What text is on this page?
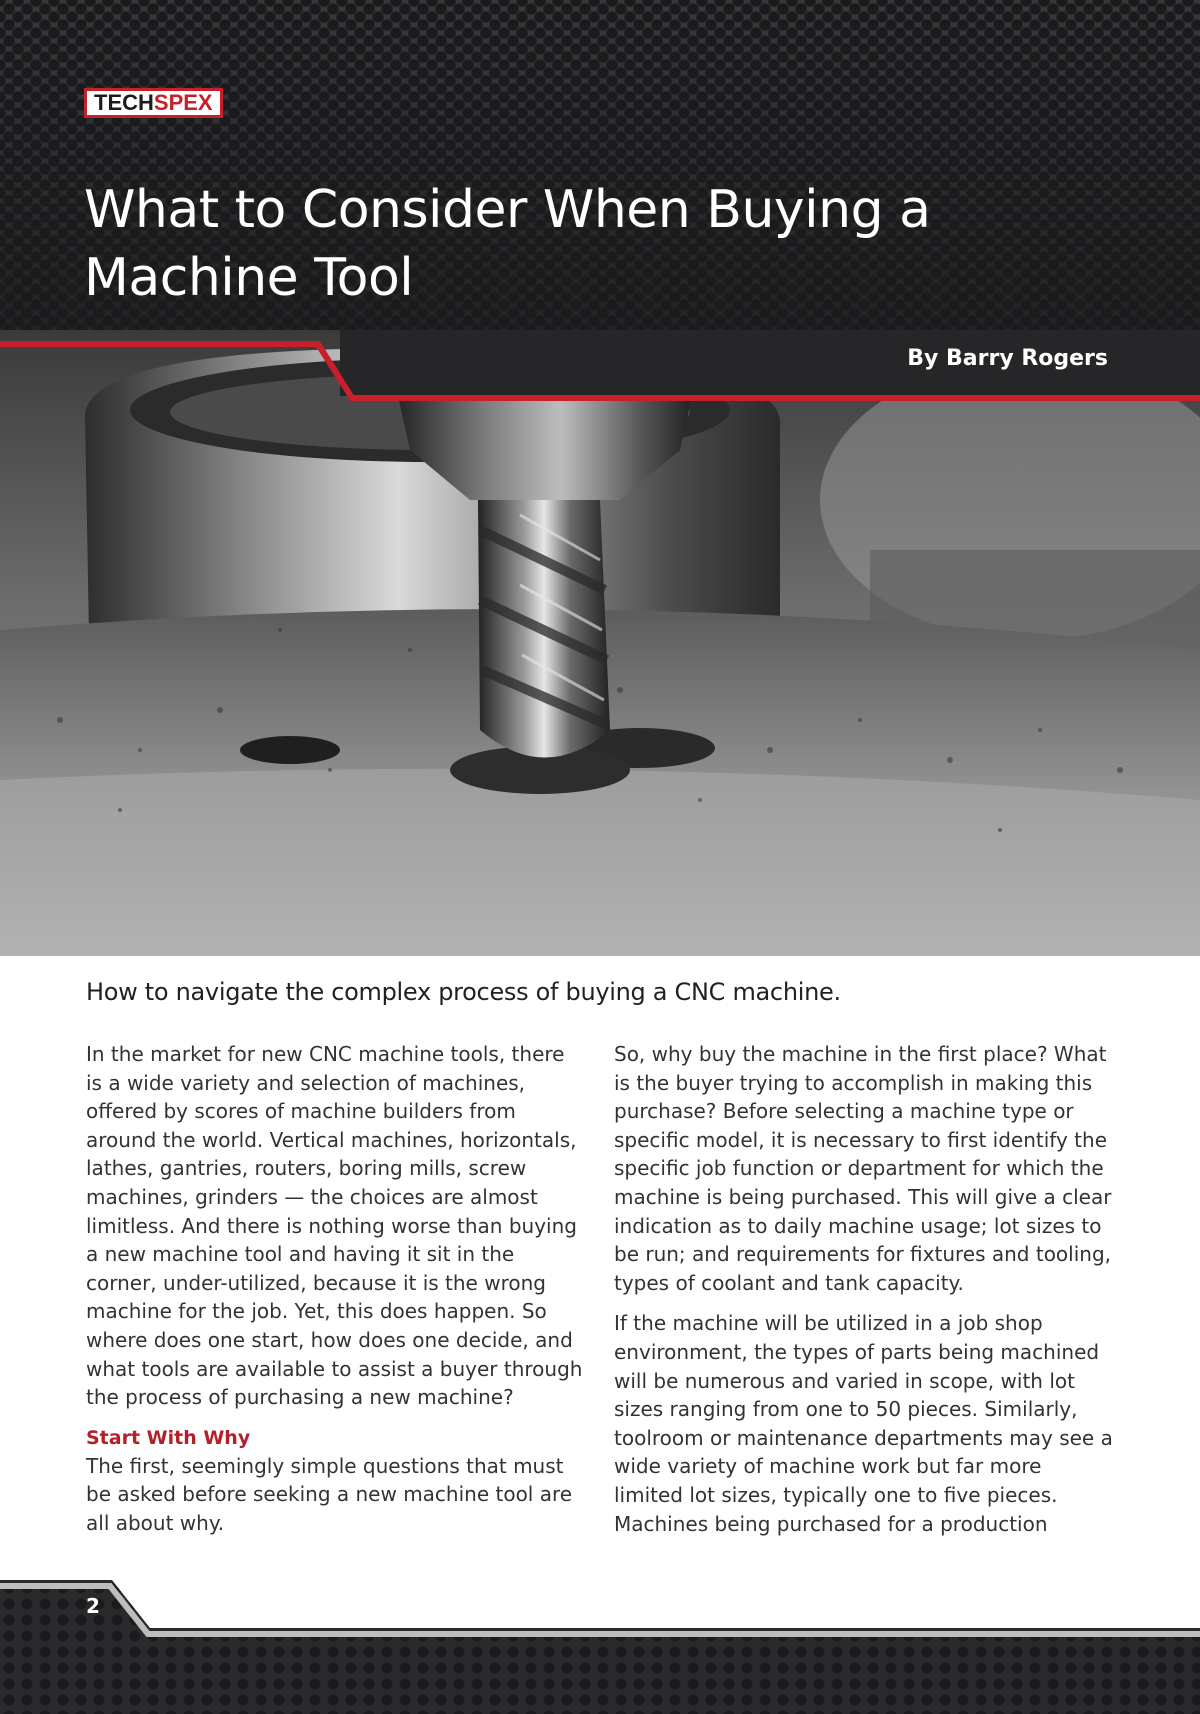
TECH SPEX
What to Consider When Buying a Machine Tool
By Barry Rogers
How to navigate the complex process of buying a CNC machine.

In the market for new CNC machine tools, there is a wide variety and selection of machines, offered by scores of machine builders from around the world. Vertical machines, horizontals, lathes, gantries, routers, boring mills, screw machines, grinders — the choices are almost limitless. And there is nothing worse than buying a new machine tool and having it sit in the corner, under-utilized, because it is the wrong machine for the job. Yet, this does happen. So where does one start, how does one decide, and what tools are available to assist a buyer through the process of purchasing a new machine?

Start With Why

The first, seemingly simple questions that must be asked before seeking a new machine tool are all about why.

So, why buy the machine in the first place? What is the buyer trying to accomplish in making this purchase? Before selecting a machine type or specific model, it is necessary to first identify the specific job function or department for which the machine is being purchased. This will give a clear indication as to daily machine usage; lot sizes to be run; and requirements for fixtures and tooling, types of coolant and tank capacity.

If the machine will be utilized in a job shop environment, the types of parts being machined will be numerous and varied in scope, with lot sizes ranging from one to 50 pieces. Similarly, toolroom or maintenance departments may see a wide variety of machine work but far more limited lot sizes, typically one to five pieces. Machines being purchased for a production

2
